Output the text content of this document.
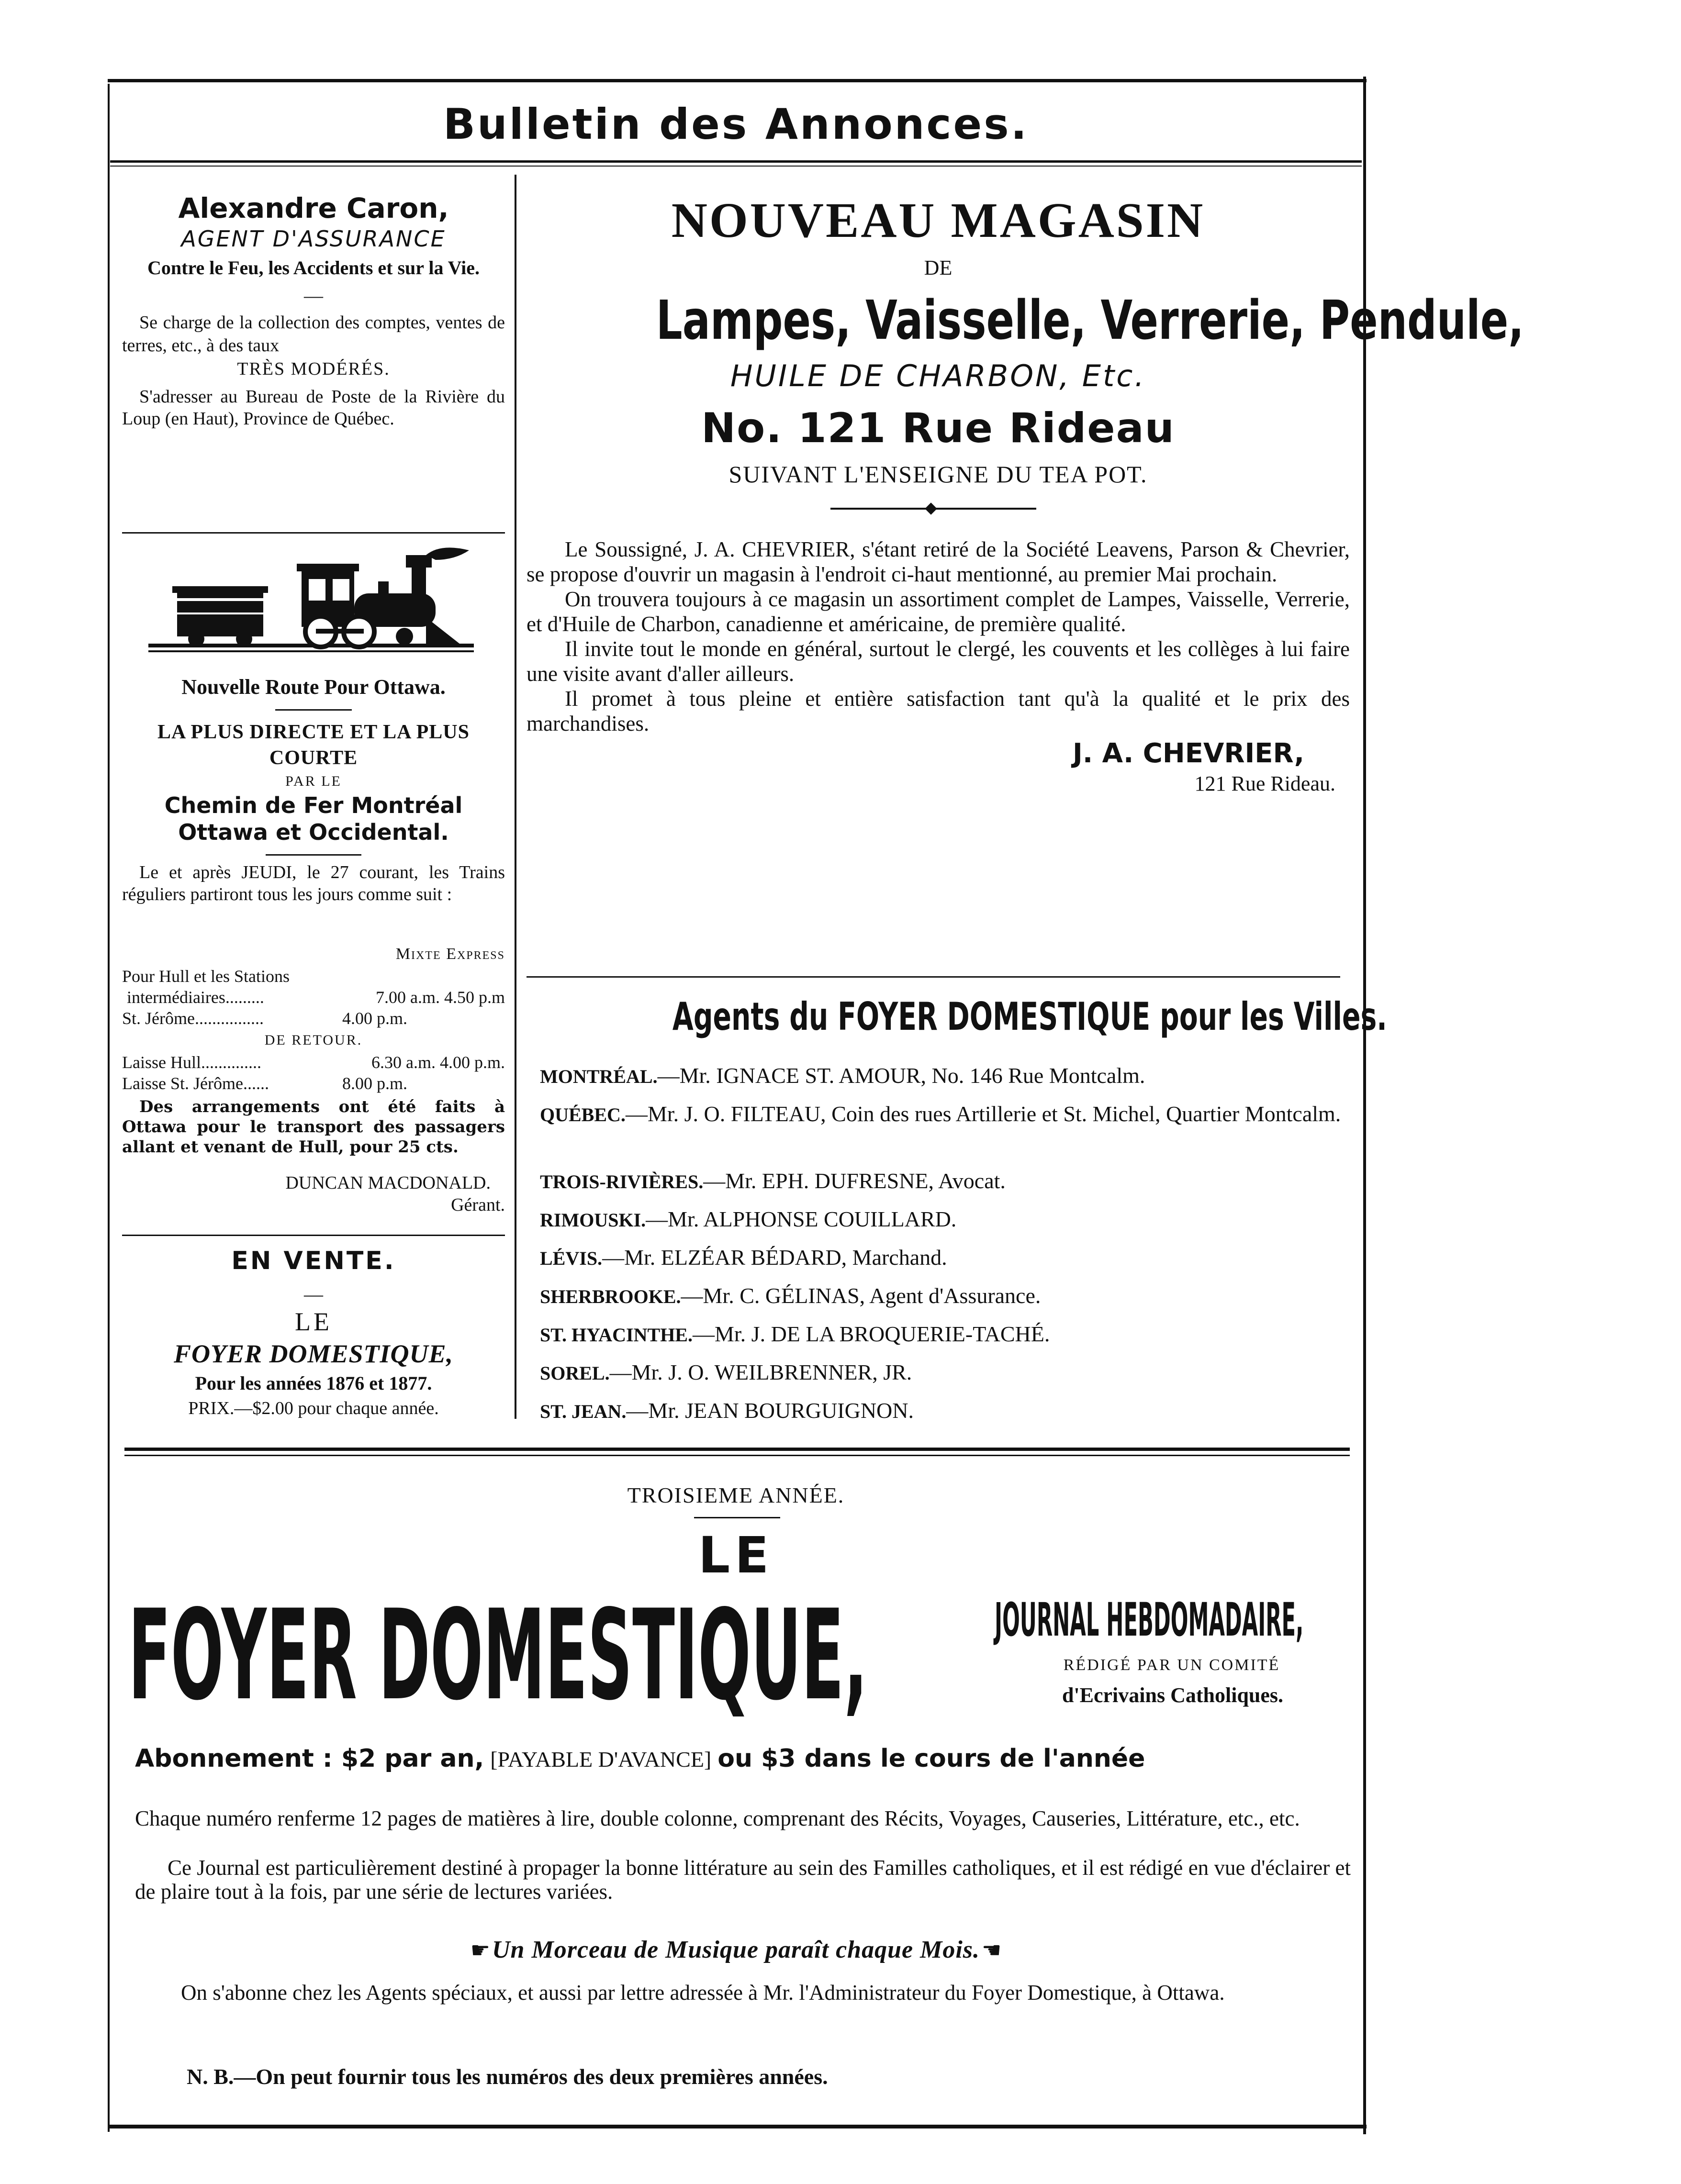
Bulletin des Annonces.
Alexandre Caron,
AGENT D'ASSURANCE
Contre le Feu, les Accidents et sur la Vie.
—
Se charge de la collection des comptes, ventes de terres, etc., à des taux
TRÈS MODÉRÉS.
S'adresser au Bureau de Poste de la Rivière du Loup (en Haut), Province de Québec.
Nouvelle Route Pour Ottawa.
LA PLUS DIRECTE ET LA PLUS COURTE
PAR LE
Chemin de Fer Montréal
Ottawa et Occidental.
Le et après JEUDI, le 27 courant, les Trains réguliers partiront tous les jours comme suit :
Mixte Express
Pour Hull et les Stations
intermédiaires.........	7.00 a.m. 4.50 p.m
St. Jérôme................	4.00 p.m.
DE RETOUR.
Laisse Hull..............	6.30 a.m. 4.00 p.m.
Laisse St. Jérôme......	8.00 p.m.
Des arrangements ont été faits à Ottawa pour le transport des passagers allant et venant de Hull, pour 25 cts.
DUNCAN MACDONALD.
Gérant.
EN VENTE.
—
LE
FOYER DOMESTIQUE,
Pour les années 1876 et 1877.
PRIX.—$2.00 pour chaque année.
NOUVEAU MAGASIN
DE
Lampes, Vaisselle, Verrerie, Pendule,
HUILE DE CHARBON, Etc.
No. 121 Rue Rideau
SUIVANT L'ENSEIGNE DU TEA POT.
Le Soussigné, J. A. CHEVRIER, s'étant retiré de la Société Leavens, Parson & Chevrier, se propose d'ouvrir un magasin à l'endroit ci-haut mentionné, au premier Mai prochain.
On trouvera toujours à ce magasin un assortiment complet de Lampes, Vaisselle, Verrerie, et d'Huile de Charbon, canadienne et américaine, de première qualité.
Il invite tout le monde en général, surtout le clergé, les couvents et les collèges à lui faire une visite avant d'aller ailleurs.
Il promet à tous pleine et entière satisfaction tant qu'à la qualité et le prix des marchandises.
J. A. CHEVRIER,
121 Rue Rideau.
Agents du FOYER DOMESTIQUE pour les Villes.
MONTRÉAL.—Mr. IGNACE ST. AMOUR, No. 146 Rue Montcalm.
QUÉBEC.—Mr. J. O. FILTEAU, Coin des rues Artillerie et St. Michel, Quartier Montcalm.
TROIS-RIVIÈRES.—Mr. EPH. DUFRESNE, Avocat.
RIMOUSKI.—Mr. ALPHONSE COUILLARD.
LÉVIS.—Mr. ELZÉAR BÉDARD, Marchand.
SHERBROOKE.—Mr. C. GÉLINAS, Agent d'Assurance.
ST. HYACINTHE.—Mr. J. DE LA BROQUERIE-TACHÉ.
SOREL.—Mr. J. O. WEILBRENNER, JR.
ST. JEAN.—Mr. JEAN BOURGUIGNON.
TROISIEME ANNÉE.
LE
FOYER DOMESTIQUE,	JOURNAL HEBDOMADAIRE,
RÉDIGÉ PAR UN COMITÉ
d'Ecrivains Catholiques.
Abonnement : $2 par an, [PAYABLE D'AVANCE] ou $3 dans le cours de l'année
Chaque numéro renferme 12 pages de matières à lire, double colonne, comprenant des Récits, Voyages, Causeries, Littérature, etc., etc.
Ce Journal est particulièrement destiné à propager la bonne littérature au sein des Familles catholiques, et il est rédigé en vue d'éclairer et de plaire tout à la fois, par une série de lectures variées.
☛ Un Morceau de Musique paraît chaque Mois. ☚
On s'abonne chez les Agents spéciaux, et aussi par lettre adressée à Mr. l'Administrateur du Foyer Domestique, à Ottawa.
N. B.—On peut fournir tous les numéros des deux premières années.
